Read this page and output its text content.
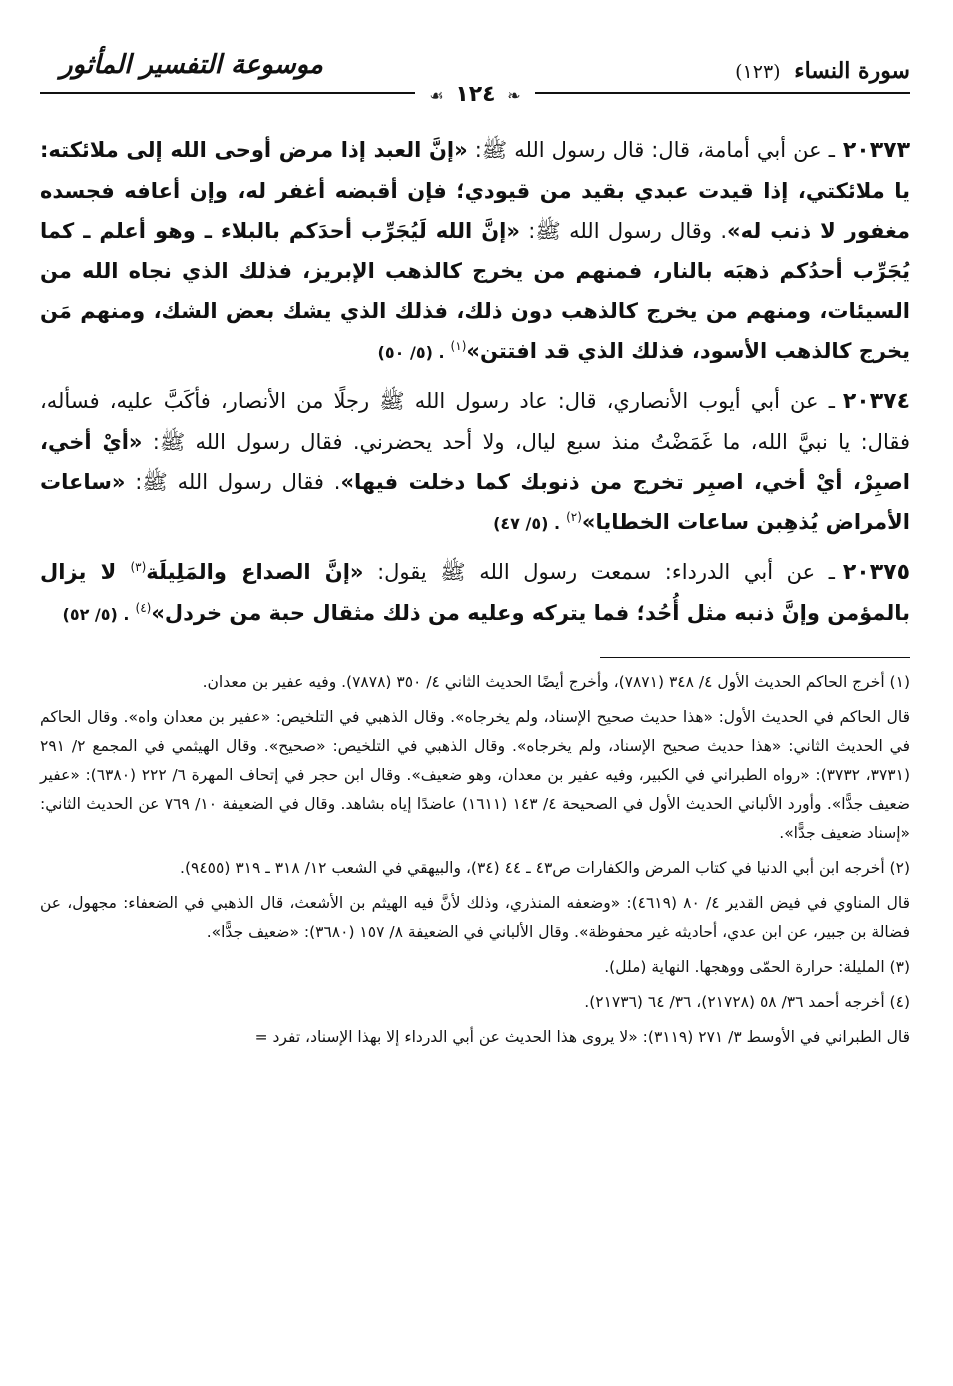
سورة النساء (١٢٣)
موسوعة التفسير المأثور
❧ ١٢٤ ☙

٢٠٣٧٣ـ عن أبي أمامة، قال: قال رسول الله ﷺ: «إنَّ العبد إذا مرض أوحى الله إلى ملائكته: يا ملائكتي، إذا قيدت عبدي بقيد من قيودي؛ فإن أقبضه أغفر له، وإن أعافه فجسده مغفور لا ذنب له». وقال رسول الله ﷺ: «إنَّ الله لَيُجَرِّب أحدَكم بالبلاء ـ وهو أعلم ـ كما يُجَرِّب أحدُكم ذهبَه بالنار، فمنهم من يخرج كالذهب الإبريز، فذلك الذي نجاه الله من السيئات، ومنهم من يخرج كالذهب دون ذلك، فذلك الذي يشك بعض الشك، ومنهم مَن يخرج كالذهب الأسود، فذلك الذي قد افتتن»$^{(١)}$. (٥/ ٥٠)

٢٠٣٧٤ـ عن أبي أيوب الأنصاري، قال: عاد رسول الله ﷺ رجلًا من الأنصار، فأكَبَّ عليه، فسأله، فقال: يا نبيَّ الله، ما غَمَضْتُ منذ سبع ليال، ولا أحد يحضرني. فقال رسول الله ﷺ: «أيْ أخي، اصبِرْ، أيْ أخي، اصبِر تخرج من ذنوبك كما دخلت فيها». فقال رسول الله ﷺ: «ساعات الأمراض يُذهِبن ساعات الخطايا»$^{(٢)}$. (٥/ ٤٧)

٢٠٣٧٥ـ عن أبي الدرداء: سمعت رسول الله ﷺ يقول: «إنَّ الصداع والمَلِيلَة$^{(٣)}$ لا يزال بالمؤمن وإنَّ ذنبه مثل أُحُد؛ فما يتركه وعليه من ذلك مثقال حبة من خردل»$^{(٤)}$. (٥/ ٥٢)

(١) أخرج الحاكم الحديث الأول ٤/ ٣٤٨ (٧٨٧١)، وأخرج أيضًا الحديث الثاني ٤/ ٣٥٠ (٧٨٧٨). وفيه عفير بن معدان.

قال الحاكم في الحديث الأول: «هذا حديث صحيح الإسناد، ولم يخرجاه». وقال الذهبي في التلخيص: «عفير بن معدان واه». وقال الحاكم في الحديث الثاني: «هذا حديث صحيح الإسناد، ولم يخرجاه». وقال الذهبي في التلخيص: «صحيح». وقال الهيثمي في المجمع ٢/ ٢٩١ (٣٧٣١، ٣٧٣٢): «رواه الطبراني في الكبير، وفيه عفير بن معدان، وهو ضعيف». وقال ابن حجر في إتحاف المهرة ٦/ ٢٢٢ (٦٣٨٠): «عفير ضعيف جدًّا». وأورد الألباني الحديث الأول في الصحيحة ٤/ ١٤٣ (١٦١١) عاضدًا إياه بشاهد. وقال في الضعيفة ١٠/ ٧٦٩ عن الحديث الثاني: «إسناد ضعيف جدًّا».

(٢) أخرجه ابن أبي الدنيا في كتاب المرض والكفارات ص٤٣ ـ ٤٤ (٣٤)، والبيهقي في الشعب ١٢/ ٣١٨ ـ ٣١٩ (٩٤٥٥).

قال المناوي في فيض القدير ٤/ ٨٠ (٤٦١٩): «وضعفه المنذري، وذلك لأنَّ فيه الهيثم بن الأشعث، قال الذهبي في الضعفاء: مجهول، عن فضالة بن جبير، عن ابن عدي، أحاديثه غير محفوظة». وقال الألباني في الضعيفة ٨/ ١٥٧ (٣٦٨٠): «ضعيف جدًّا».

(٣) المليلة: حرارة الحمّى ووهجها. النهاية (ملل).

(٤) أخرجه أحمد ٣٦/ ٥٨ (٢١٧٢٨)، ٣٦/ ٦٤ (٢١٧٣٦).

قال الطبراني في الأوسط ٣/ ٢٧١ (٣١١٩): «لا يروى هذا الحديث عن أبي الدرداء إلا بهذا الإسناد، تفرد =
